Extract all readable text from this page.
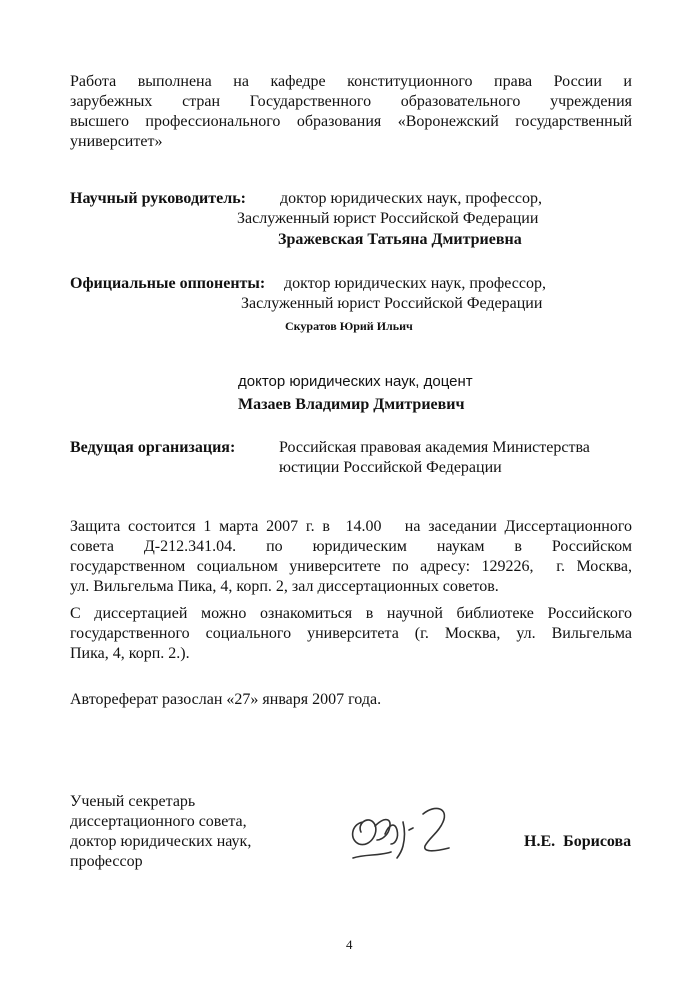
Работа выполнена на кафедре конституционного права России и
зарубежных стран Государственного образовательного учреждения
высшего профессионального образования «Воронежский государственный
университет»
Научный руководитель: доктор юридических наук, профессор,
Заслуженный юрист Российской Федерации
Зражевская Татьяна Дмитриевна
Официальные оппоненты: доктор юридических наук, профессор,
Заслуженный юрист Российской Федерации
Скуратов Юрий Ильич
доктор юридических наук, доцент
Мазаев Владимир Дмитриевич
Ведущая организация:	Российская правовая академия Министерства
юстиции Российской Федерации
Защита состоится 1 марта 2007 г. в  14.00   на заседании Диссертационного
совета   Д-212.341.04.   по   юридическим   наукам   в   Российском
государственном социальном университете по адресу: 129226,  г. Москва,
ул. Вильгельма Пика, 4, корп. 2, зал диссертационных советов.
С диссертацией можно ознакомиться в научной библиотеке Российского
государственного социального университета (г. Москва, ул. Вильгельма
Пика, 4, корп. 2.).
Автореферат разослан «27» января 2007 года.
Ученый секретарь
диссертационного совета,
доктор юридических наук,
профессор
Н.Е.  Борисова
4
